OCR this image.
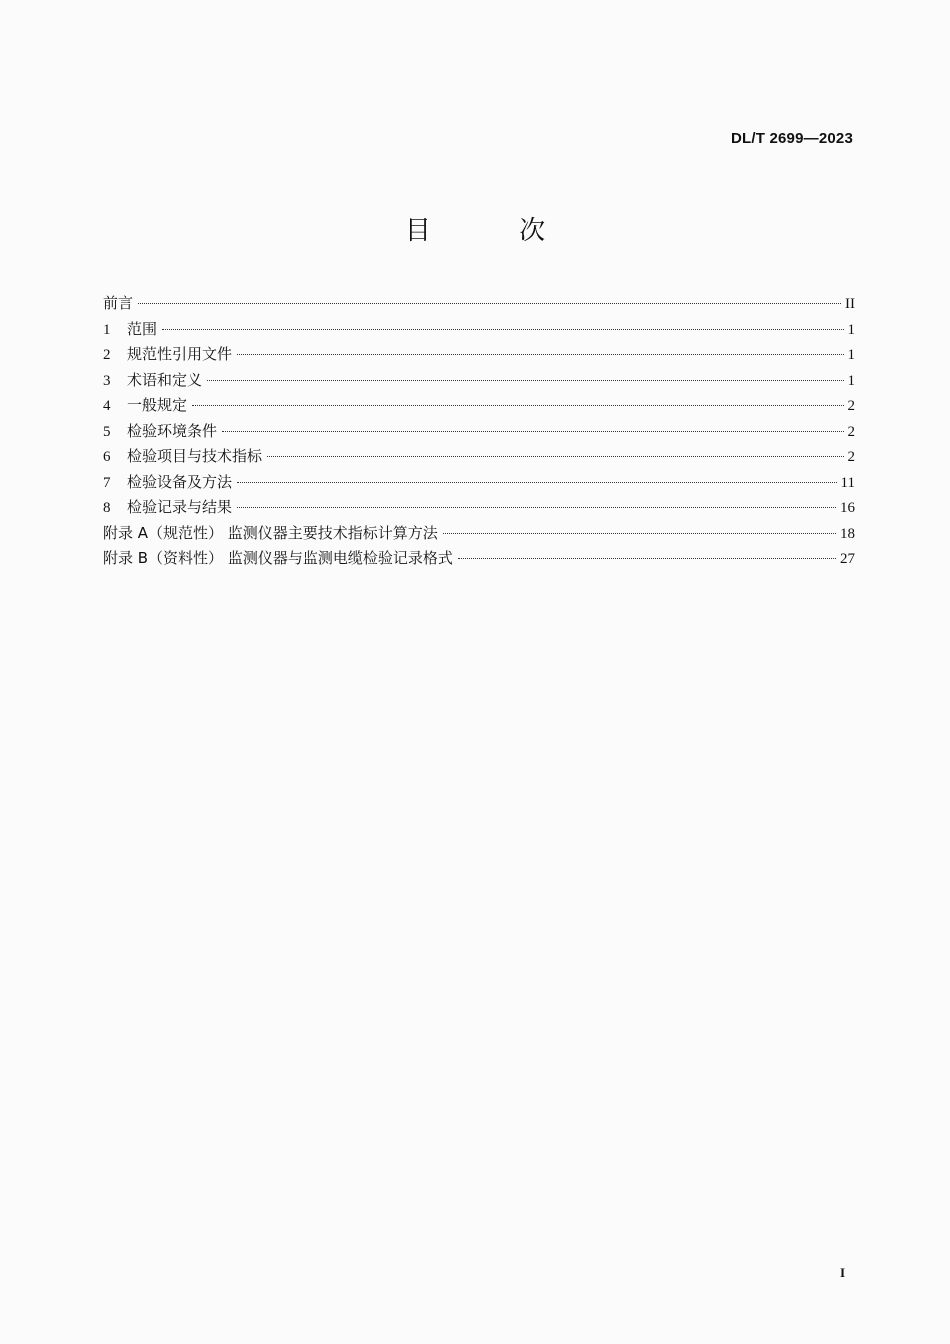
DL/T 2699—2023
目 次
前言	II
1	范围	1
2	规范性引用文件	1
3	术语和定义	1
4	一般规定	2
5	检验环境条件	2
6	检验项目与技术指标	2
7	检验设备及方法	11
8	检验记录与结果	16
附录 A（规范性） 监测仪器主要技术指标计算方法	18
附录 B（资料性） 监测仪器与监测电缆检验记录格式	27
I
